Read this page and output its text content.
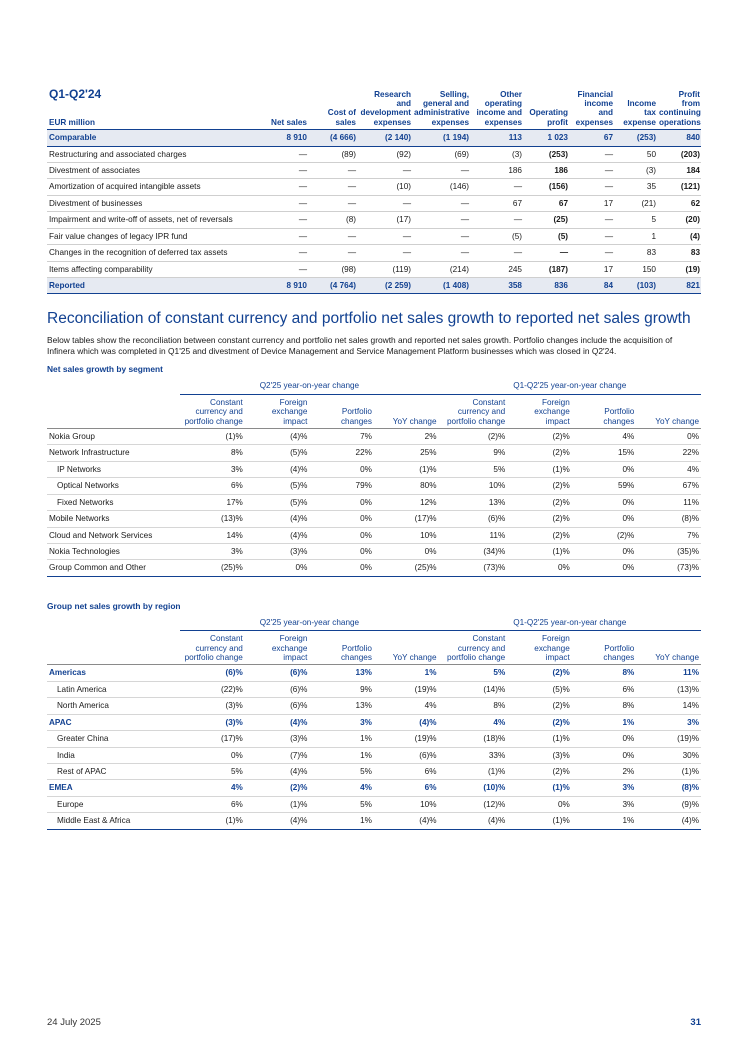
Q1-Q2'24
EUR million	Net sales	Cost of sales	Research and development expenses	Selling, general and administrative expenses	Other operating income and expenses	Operating profit	Financial income and expenses	Income tax expense	Profit from continuing operations
Comparable	8 910	(4 666)	(2 140)	(1 194)	113	1 023	67	(253)	840
Restructuring and associated charges	—	(89)	(92)	(69)	(3)	(253)	—	50	(203)
Divestment of associates	—	—	—	—	186	186	—	(3)	184
Amortization of acquired intangible assets	—	—	(10)	(146)	—	(156)	—	35	(121)
Divestment of businesses	—	—	—	—	67	67	17	(21)	62
Impairment and write-off of assets, net of reversals	—	(8)	(17)	—	—	(25)	—	5	(20)
Fair value changes of legacy IPR fund	—	—	—	—	(5)	(5)	—	1	(4)
Changes in the recognition of deferred tax assets	—	—	—	—	—	—	—	83	83
Items affecting comparability	—	(98)	(119)	(214)	245	(187)	17	150	(19)
Reported	8 910	(4 764)	(2 259)	(1 408)	358	836	84	(103)	821
Reconciliation of constant currency and portfolio net sales growth to reported net sales growth

Below tables show the reconciliation between constant currency and portfolio net sales growth and reported net sales growth. Portfolio changes include the acquisition of Infinera which was completed in Q1'25 and divestment of Device Management and Service Management Platform businesses which was closed in Q2'24.

Net sales growth by segment
	Q2'25 year-on-year change				Q1-Q2'25 year-on-year change			
	Constant currency and portfolio change	Foreign exchange impact	Portfolio changes	YoY change	Constant currency and portfolio change	Foreign exchange impact	Portfolio changes	YoY change
Nokia Group	(1)%	(4)%	7%	2%	(2)%	(2)%	4%	0%
Network Infrastructure	8%	(5)%	22%	25%	9%	(2)%	15%	22%
IP Networks	3%	(4)%	0%	(1)%	5%	(1)%	0%	4%
Optical Networks	6%	(5)%	79%	80%	10%	(2)%	59%	67%
Fixed Networks	17%	(5)%	0%	12%	13%	(2)%	0%	11%
Mobile Networks	(13)%	(4)%	0%	(17)%	(6)%	(2)%	0%	(8)%
Cloud and Network Services	14%	(4)%	0%	10%	11%	(2)%	(2)%	7%
Nokia Technologies	3%	(3)%	0%	0%	(34)%	(1)%	0%	(35)%
Group Common and Other	(25)%	0%	0%	(25)%	(73)%	0%	0%	(73)%
Group net sales growth by region
	Q2'25 year-on-year change				Q1-Q2'25 year-on-year change			
	Constant currency and portfolio change	Foreign exchange impact	Portfolio changes	YoY change	Constant currency and portfolio change	Foreign exchange impact	Portfolio changes	YoY change
Americas	(6)%	(6)%	13%	1%	5%	(2)%	8%	11%
Latin America	(22)%	(6)%	9%	(19)%	(14)%	(5)%	6%	(13)%
North America	(3)%	(6)%	13%	4%	8%	(2)%	8%	14%
APAC	(3)%	(4)%	3%	(4)%	4%	(2)%	1%	3%
Greater China	(17)%	(3)%	1%	(19)%	(18)%	(1)%	0%	(19)%
India	0%	(7)%	1%	(6)%	33%	(3)%	0%	30%
Rest of APAC	5%	(4)%	5%	6%	(1)%	(2)%	2%	(1)%
EMEA	4%	(2)%	4%	6%	(10)%	(1)%	3%	(8)%
Europe	6%	(1)%	5%	10%	(12)%	0%	3%	(9)%
Middle East & Africa	(1)%	(4)%	1%	(4)%	(4)%	(1)%	1%	(4)%
24 July 2025	31
